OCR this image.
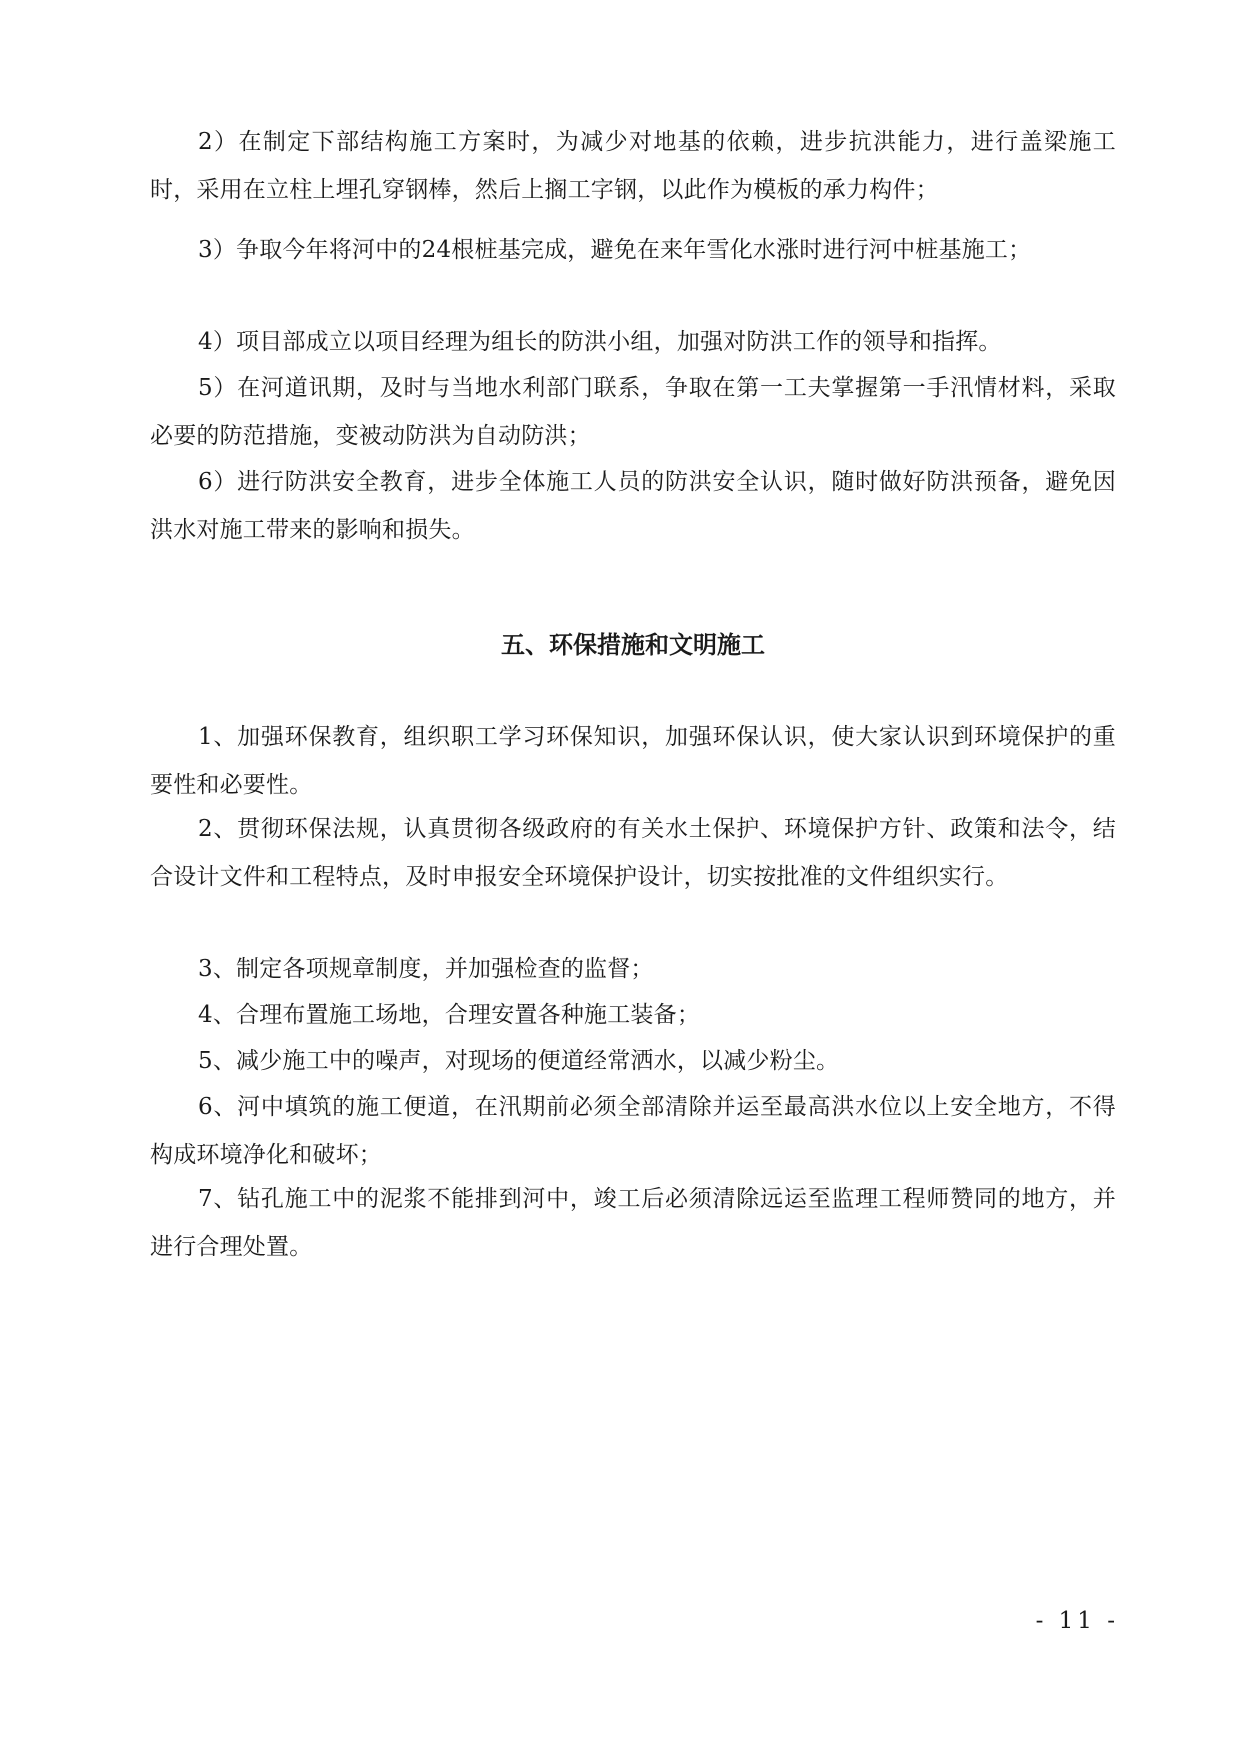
2）在制定下部结构施工方案时，为减少对地基的依赖，进步抗洪能力，进行盖梁施工时，采用在立柱上埋孔穿钢棒，然后上搁工字钢，以此作为模板的承力构件；

3）争取今年将河中的24根桩基完成，避免在来年雪化水涨时进行河中桩基施工；

4）项目部成立以项目经理为组长的防洪小组，加强对防洪工作的领导和指挥。

5）在河道讯期，及时与当地水利部门联系，争取在第一工夫掌握第一手汛情材料，采取必要的防范措施，变被动防洪为自动防洪；

6）进行防洪安全教育，进步全体施工人员的防洪安全认识，随时做好防洪预备，避免因洪水对施工带来的影响和损失。

五、环保措施和文明施工

1、加强环保教育，组织职工学习环保知识，加强环保认识，使大家认识到环境保护的重要性和必要性。

2、贯彻环保法规，认真贯彻各级政府的有关水土保护、环境保护方针、政策和法令，结合设计文件和工程特点，及时申报安全环境保护设计，切实按批准的文件组织实行。

3、制定各项规章制度，并加强检查的监督；

4、合理布置施工场地，合理安置各种施工装备；

5、减少施工中的噪声，对现场的便道经常洒水，以减少粉尘。

6、河中填筑的施工便道，在汛期前必须全部清除并运至最高洪水位以上安全地方，不得构成环境净化和破坏；

7、钻孔施工中的泥浆不能排到河中，竣工后必须清除远运至监理工程师赞同的地方，并进行合理处置。

- 11 -
